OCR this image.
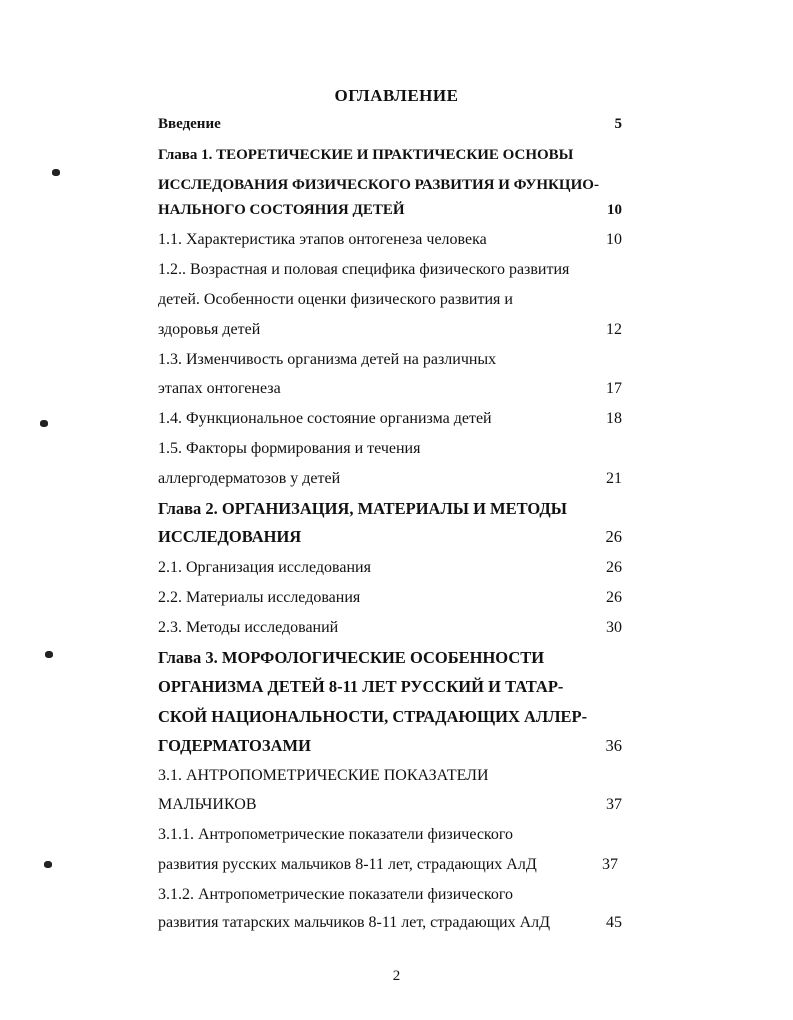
ОГЛАВЛЕНИЕ
Введение	5
Глава 1. ТЕОРЕТИЧЕСКИЕ И ПРАКТИЧЕСКИЕ ОСНОВЫ
ИССЛЕДОВАНИЯ ФИЗИЧЕСКОГО РАЗВИТИЯ И ФУНКЦИО-
НАЛЬНОГО СОСТОЯНИЯ ДЕТЕЙ	10
1.1. Характеристика этапов онтогенеза человека	10
1.2.. Возрастная и половая специфика физического развития
детей. Особенности оценки физического развития и
здоровья детей	12
1.3. Изменчивость организма детей на различных
этапах онтогенеза	17
1.4. Функциональное состояние организма детей	18
1.5. Факторы формирования и течения
аллергодерматозов у детей	21
Глава 2. ОРГАНИЗАЦИЯ, МАТЕРИАЛЫ И МЕТОДЫ
ИССЛЕДОВАНИЯ	26
2.1. Организация исследования	26
2.2. Материалы исследования	26
2.3. Методы исследований	30
Глава 3. МОРФОЛОГИЧЕСКИЕ ОСОБЕННОСТИ
ОРГАНИЗМА ДЕТЕЙ 8-11 ЛЕТ РУССКИЙ И ТАТАР-
СКОЙ НАЦИОНАЛЬНОСТИ, СТРАДАЮЩИХ АЛЛЕР-
ГОДЕРМАТОЗАМИ	36
3.1. АНТРОПОМЕТРИЧЕСКИЕ ПОКАЗАТЕЛИ
МАЛЬЧИКОВ	37
3.1.1. Антропометрические показатели физического
развития русских мальчиков 8-11 лет, страдающих АлД	37
3.1.2. Антропометрические показатели физического
развития татарских мальчиков 8-11 лет, страдающих АлД	45
2
